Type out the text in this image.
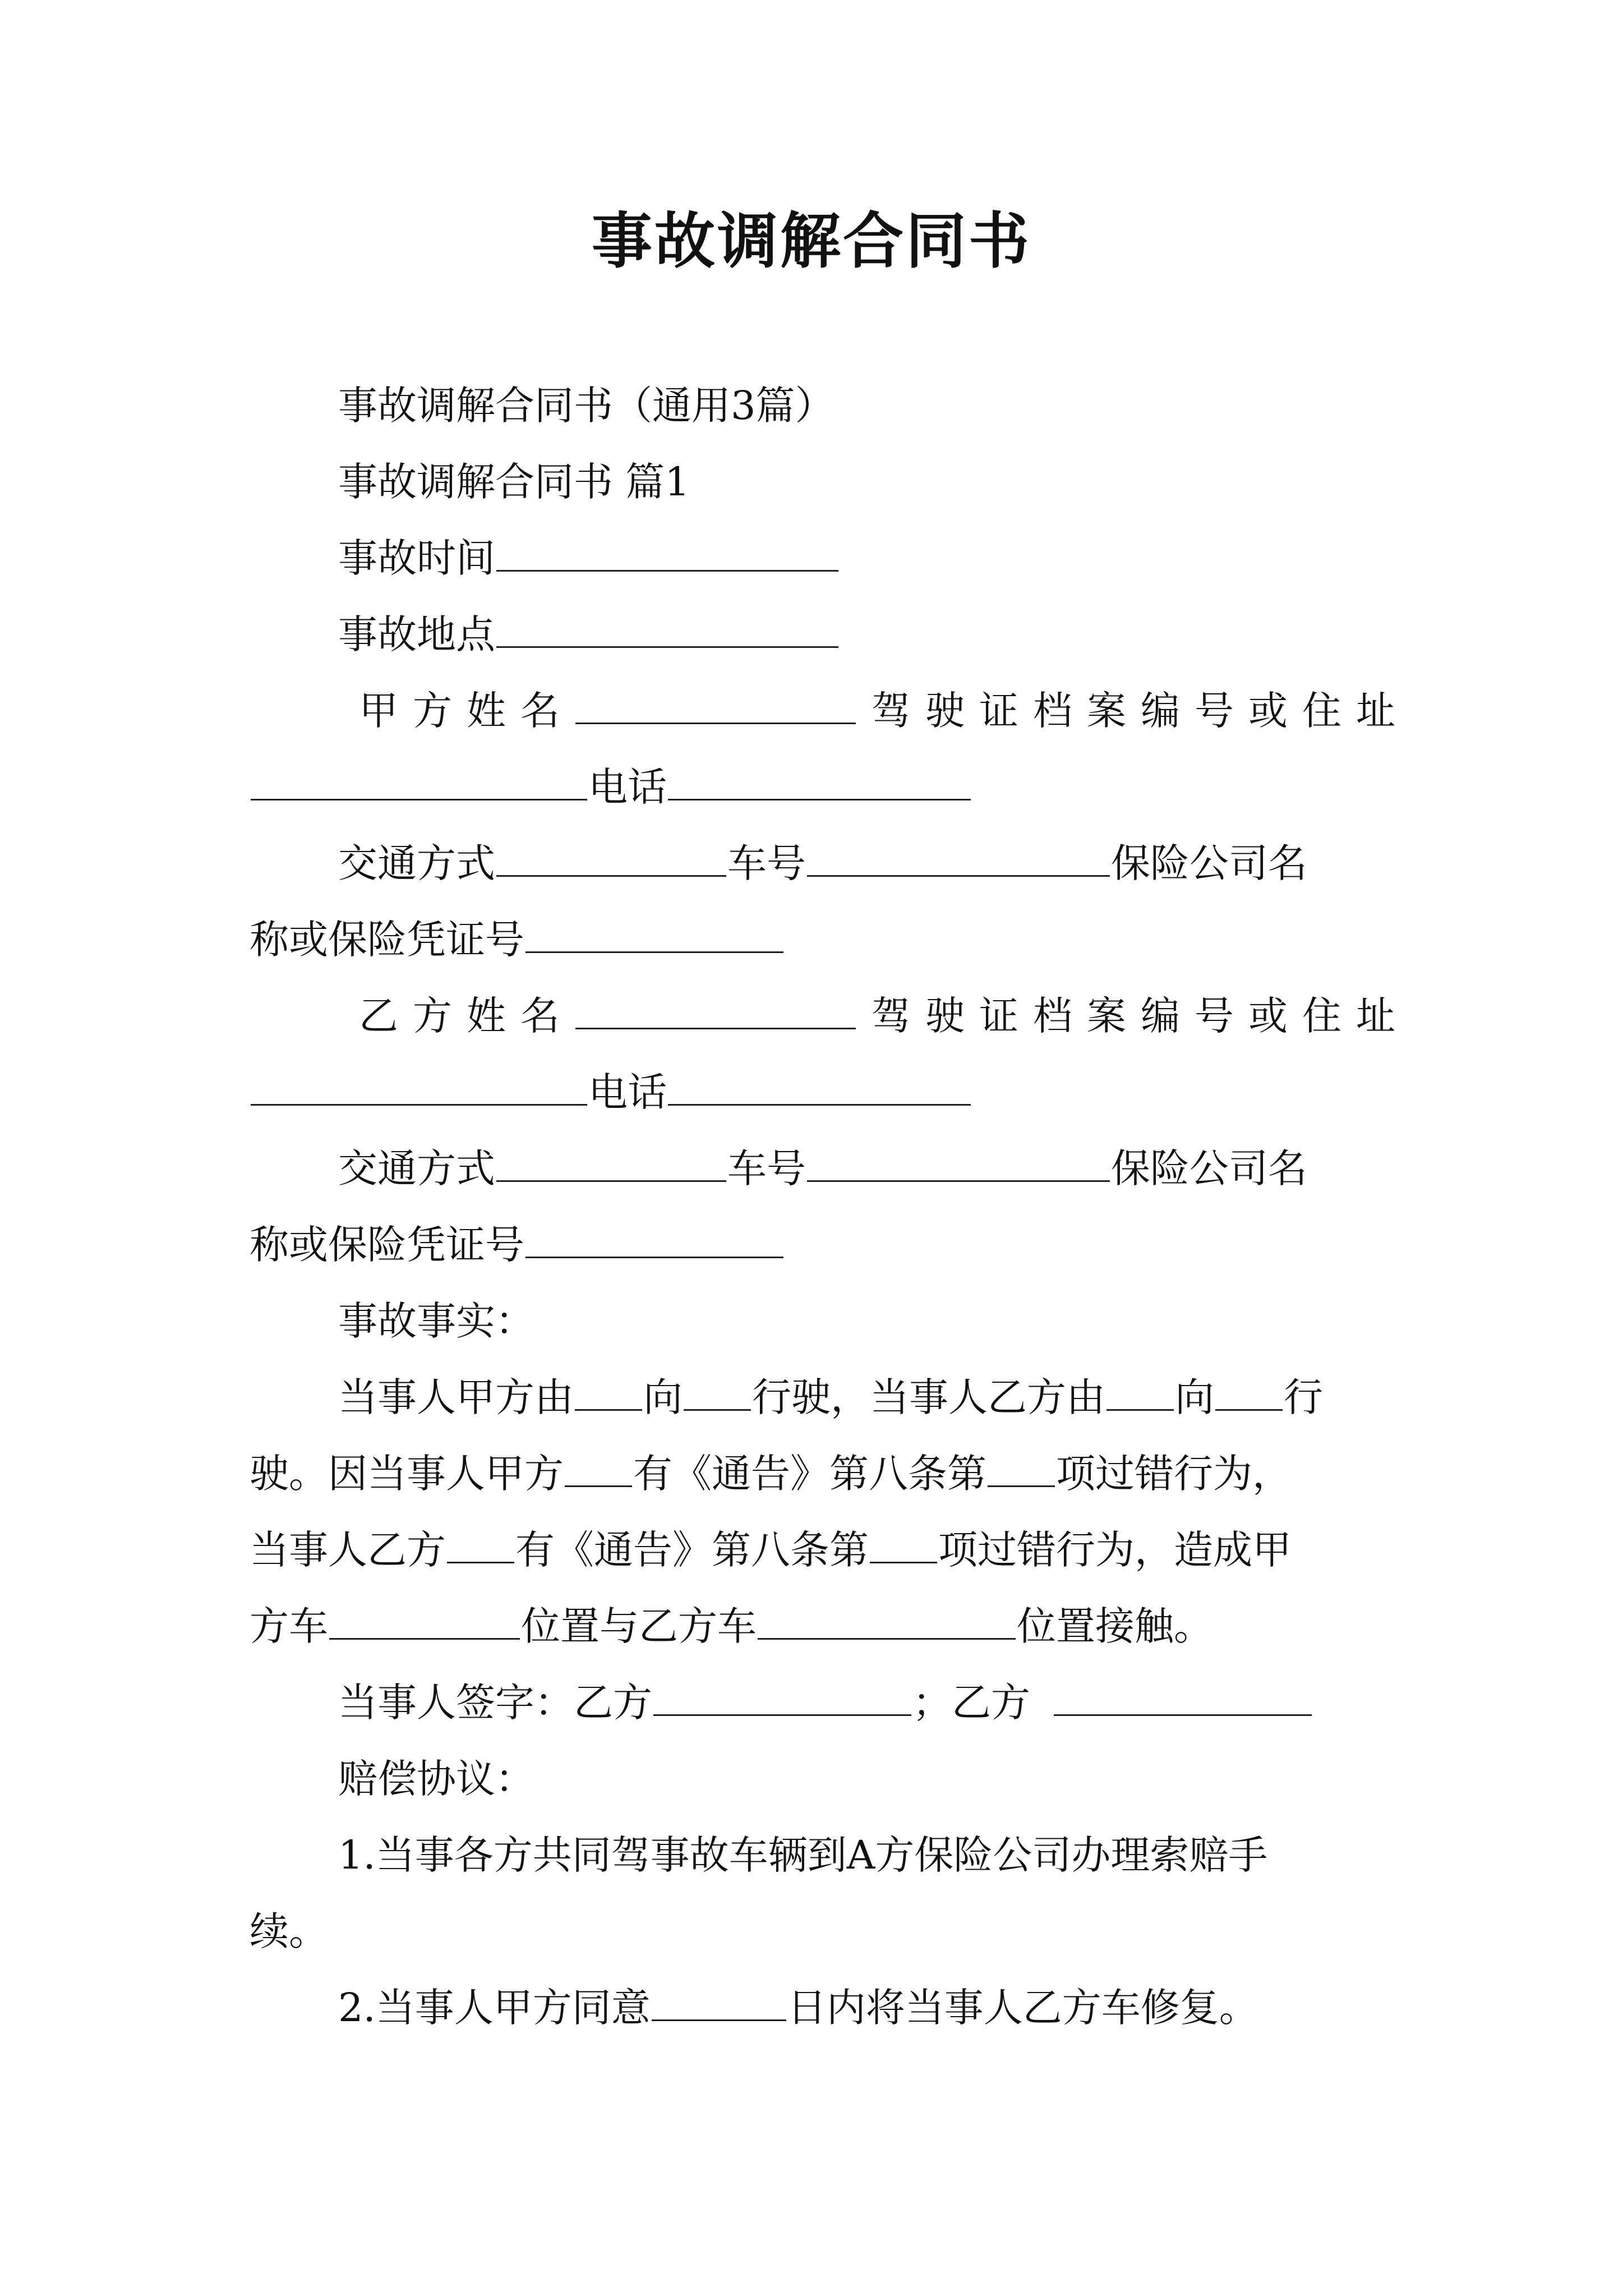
事故调解合同书

事故调解合同书（通用3篇）

事故调解合同书 篇1

事故时间

事故地点

甲方姓名	驾驶证档案编号或住址

电话

交通方式	车号	保险公司名

称或保险凭证号

乙方姓名	驾驶证档案编号或住址

电话

交通方式	车号	保险公司名

称或保险凭证号

事故事实：

当事人甲方由 向 行驶，当事人乙方由 向 行

驶。因当事人甲方 有《通告》第八条第 项过错行为，

当事人乙方 有《通告》第八条第 项过错行为，造成甲

方车	位置与乙方车	位置接触。

当事人签字：乙方	；乙方

赔偿协议：

1.当事各方共同驾事故车辆到A方保险公司办理索赔手

续。

2.当事人甲方同意	日内将当事人乙方车修复。
